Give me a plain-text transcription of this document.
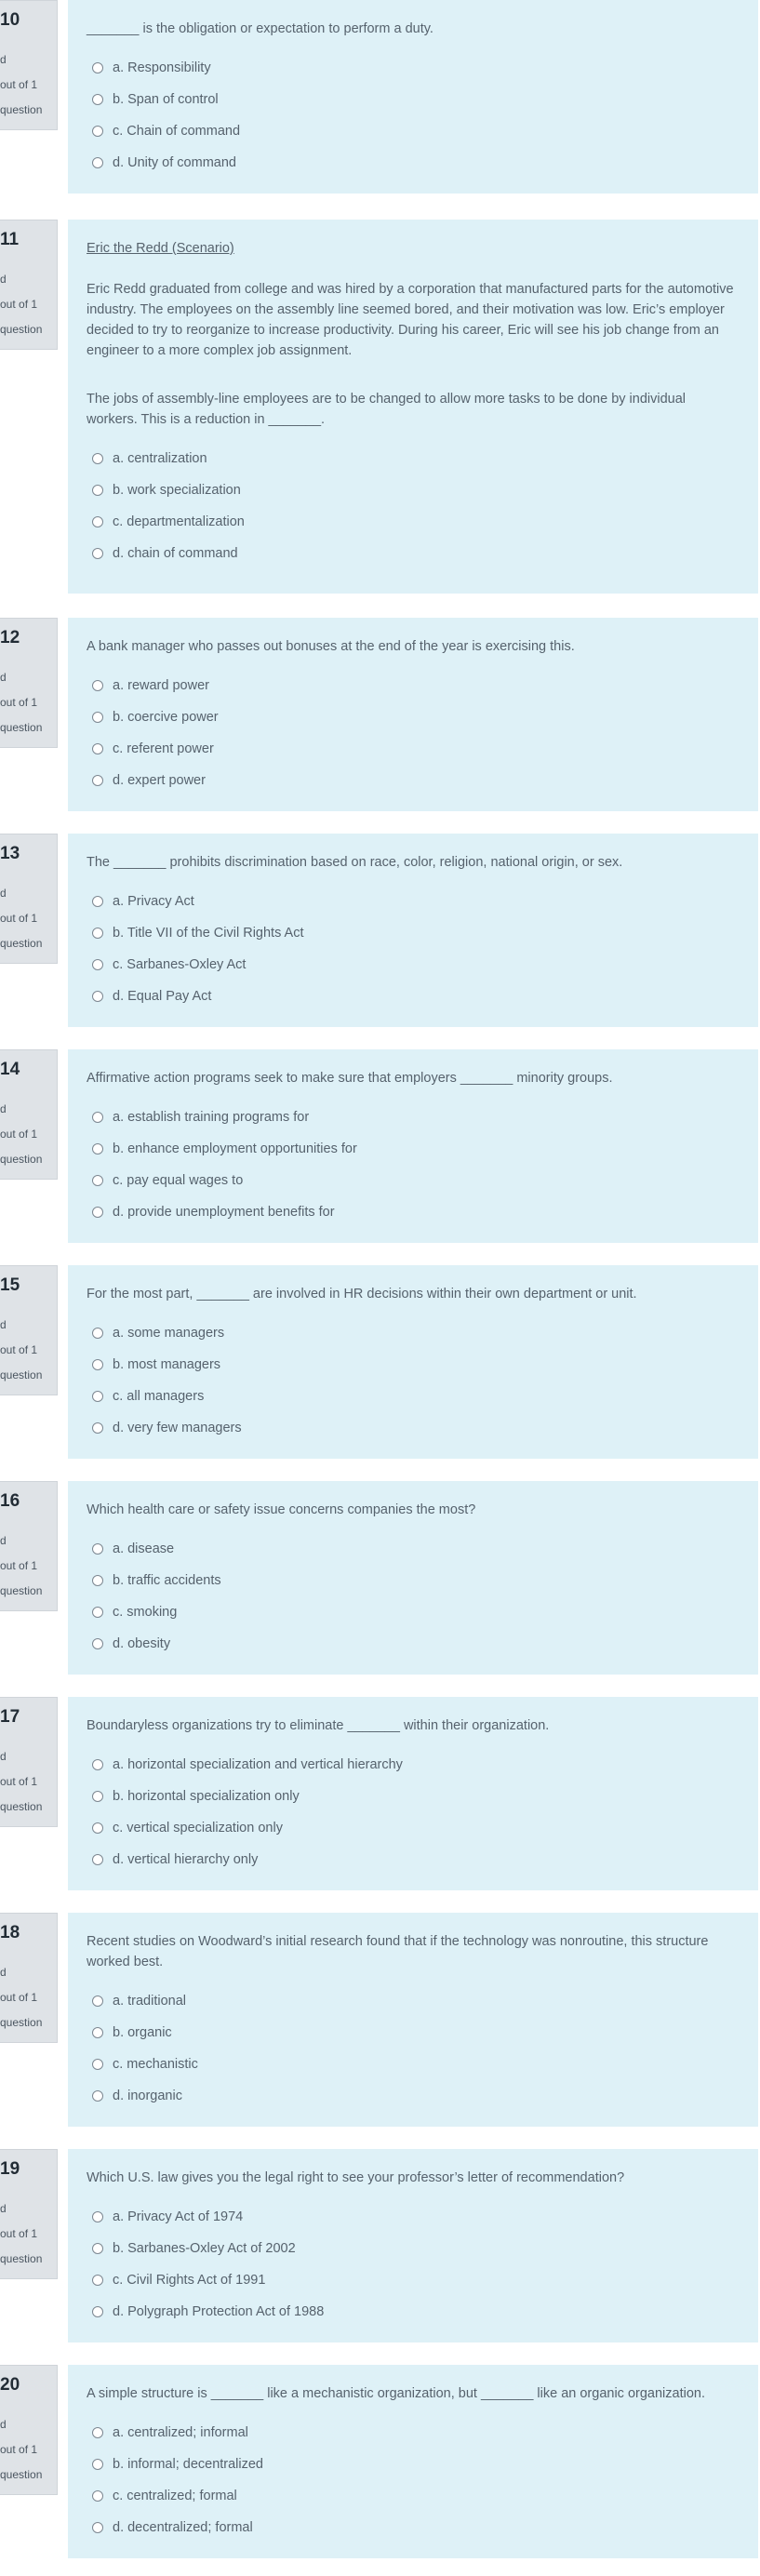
10
d
out of 1
question

_______ is the obligation or expectation to perform a duty.

a. Responsibility
b. Span of control
c. Chain of command
d. Unity of command
11
d
out of 1
question

Eric the Redd (Scenario)

Eric Redd graduated from college and was hired by a corporation that manufactured parts for the automotive industry. The employees on the assembly line seemed bored, and their motivation was low. Eric’s employer decided to try to reorganize to increase productivity. During his career, Eric will see his job change from an engineer to a more complex job assignment.

The jobs of assembly-line employees are to be changed to allow more tasks to be done by individual workers. This is a reduction in _______.

a. centralization
b. work specialization
c. departmentalization
d. chain of command
12
d
out of 1
question

A bank manager who passes out bonuses at the end of the year is exercising this.

a. reward power
b. coercive power
c. referent power
d. expert power
13
d
out of 1
question

The _______ prohibits discrimination based on race, color, religion, national origin, or sex.

a. Privacy Act
b. Title VII of the Civil Rights Act
c. Sarbanes-Oxley Act
d. Equal Pay Act
14
d
out of 1
question

Affirmative action programs seek to make sure that employers _______ minority groups.

a. establish training programs for
b. enhance employment opportunities for
c. pay equal wages to
d. provide unemployment benefits for
15
d
out of 1
question

For the most part, _______ are involved in HR decisions within their own department or unit.

a. some managers
b. most managers
c. all managers
d. very few managers
16
d
out of 1
question

Which health care or safety issue concerns companies the most?

a. disease
b. traffic accidents
c. smoking
d. obesity
17
d
out of 1
question

Boundaryless organizations try to eliminate _______ within their organization.

a. horizontal specialization and vertical hierarchy
b. horizontal specialization only
c. vertical specialization only
d. vertical hierarchy only
18
d
out of 1
question

Recent studies on Woodward’s initial research found that if the technology was nonroutine, this structure worked best.

a. traditional
b. organic
c. mechanistic
d. inorganic
19
d
out of 1
question

Which U.S. law gives you the legal right to see your professor’s letter of recommendation?

a. Privacy Act of 1974
b. Sarbanes-Oxley Act of 2002
c. Civil Rights Act of 1991
d. Polygraph Protection Act of 1988
20
d
out of 1
question

A simple structure is _______ like a mechanistic organization, but _______ like an organic organization.

a. centralized; informal
b. informal; decentralized
c. centralized; formal
d. decentralized; formal
